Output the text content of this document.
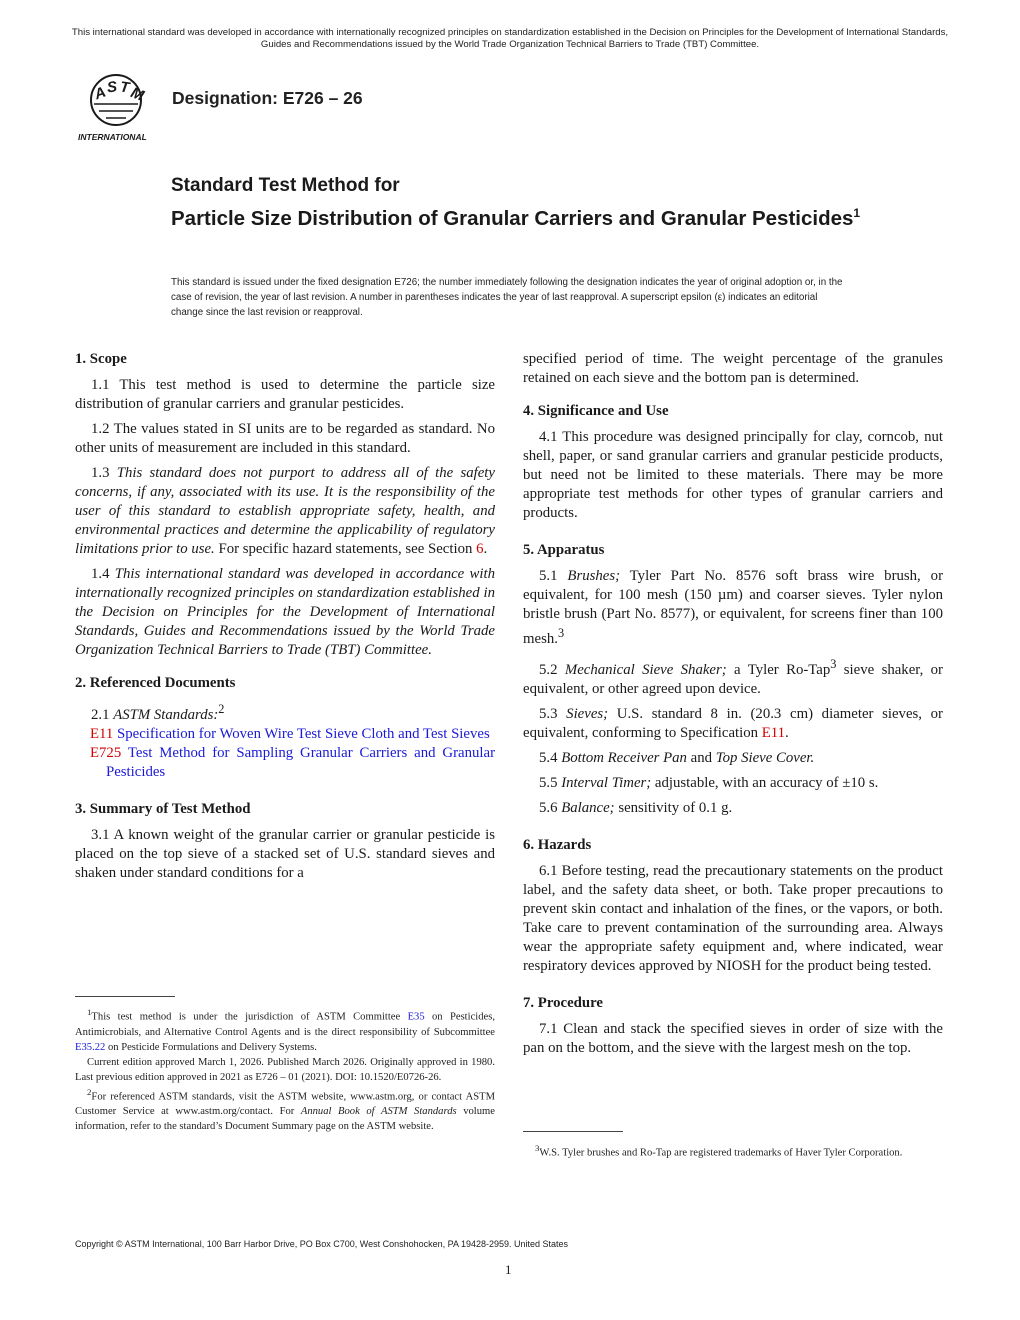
This international standard was developed in accordance with internationally recognized principles on standardization established in the Decision on Principles for the Development of International Standards, Guides and Recommendations issued by the World Trade Organization Technical Barriers to Trade (TBT) Committee.
A
S T
M
INTERNATIONAL
Designation: E726 – 26
Standard Test Method for
Particle Size Distribution of Granular Carriers and Granular Pesticides$^1$
This standard is issued under the fixed designation E726; the number immediately following the designation indicates the year of original adoption or, in the case of revision, the year of last revision. A number in parentheses indicates the year of last reapproval. A superscript epsilon (ε) indicates an editorial change since the last revision or reapproval.
1. Scope

1.1 This test method is used to determine the particle size distribution of granular carriers and granular pesticides.

1.2 The values stated in SI units are to be regarded as standard. No other units of measurement are included in this standard.

1.3 This standard does not purport to address all of the safety concerns, if any, associated with its use. It is the responsibility of the user of this standard to establish appropriate safety, health, and environmental practices and determine the applicability of regulatory limitations prior to use. For specific hazard statements, see Section 6.

1.4 This international standard was developed in accordance with internationally recognized principles on standardization established in the Decision on Principles for the Development of International Standards, Guides and Recommendations issued by the World Trade Organization Technical Barriers to Trade (TBT) Committee.

2. Referenced Documents
2.1 ASTM Standards:$^2$
E11 Specification for Woven Wire Test Sieve Cloth and Test Sieves
E725 Test Method for Sampling Granular Carriers and Granular Pesticides
3. Summary of Test Method

3.1 A known weight of the granular carrier or granular pesticide is placed on the top sieve of a stacked set of U.S. standard sieves and shaken under standard conditions for a

$^1$This test method is under the jurisdiction of ASTM Committee E35 on Pesticides, Antimicrobials, and Alternative Control Agents and is the direct responsibility of Subcommittee E35.22 on Pesticide Formulations and Delivery Systems.

Current edition approved March 1, 2026. Published March 2026. Originally approved in 1980. Last previous edition approved in 2021 as E726 – 01 (2021). DOI: 10.1520/E0726-26.

$^2$For referenced ASTM standards, visit the ASTM website, www.astm.org, or contact ASTM Customer Service at www.astm.org/contact. For Annual Book of ASTM Standards volume information, refer to the standard’s Document Summary page on the ASTM website.

specified period of time. The weight percentage of the granules retained on each sieve and the bottom pan is determined.

4. Significance and Use

4.1 This procedure was designed principally for clay, corncob, nut shell, paper, or sand granular carriers and granular pesticide products, but need not be limited to these materials. There may be more appropriate test methods for other types of granular carriers and products.

5. Apparatus

5.1 Brushes; Tyler Part No. 8576 soft brass wire brush, or equivalent, for 100 mesh (150 µm) and coarser sieves. Tyler nylon bristle brush (Part No. 8577), or equivalent, for screens finer than 100 mesh.$^3$

5.2 Mechanical Sieve Shaker; a Tyler Ro-Tap$^3$ sieve shaker, or equivalent, or other agreed upon device.

5.3 Sieves; U.S. standard 8 in. (20.3 cm) diameter sieves, or equivalent, conforming to Specification E11.

5.4 Bottom Receiver Pan and Top Sieve Cover.

5.5 Interval Timer; adjustable, with an accuracy of ±10 s.

5.6 Balance; sensitivity of 0.1 g.

6. Hazards

6.1 Before testing, read the precautionary statements on the product label, and the safety data sheet, or both. Take proper precautions to prevent skin contact and inhalation of the fines, or the vapors, or both. Take care to prevent contamination of the surrounding area. Always wear the appropriate safety equipment and, where indicated, wear respiratory devices approved by NIOSH for the product being tested.

7. Procedure

7.1 Clean and stack the specified sieves in order of size with the pan on the bottom, and the sieve with the largest mesh on the top.

$^3$W.S. Tyler brushes and Ro-Tap are registered trademarks of Haver Tyler Corporation.

Copyright © ASTM International, 100 Barr Harbor Drive, PO Box C700, West Conshohocken, PA 19428-2959. United States
1
